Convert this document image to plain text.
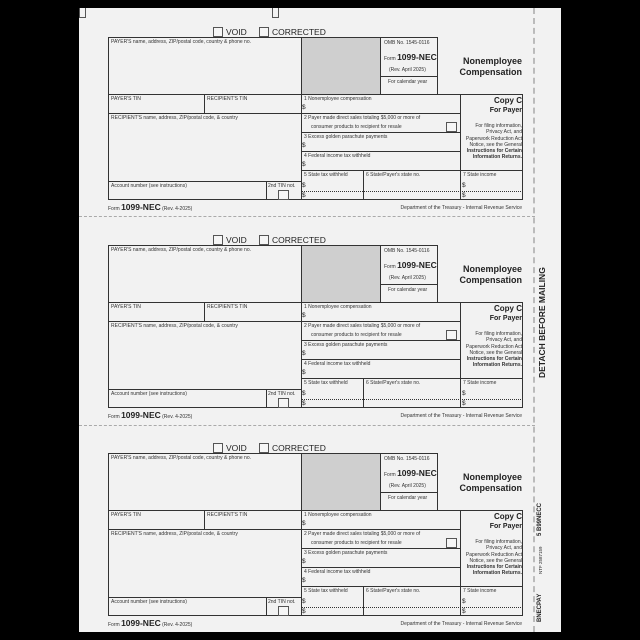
DETACH BEFORE MAILING
5 B99NECC
NTF 2587159
BNECPAY
VOID	CORRECTED
PAYER'S name, address, ZIP/postal code, country & phone no.	OMB No. 1545-0116
Form 1099-NEC
(Rev. April 2025)
For calendar year
Nonemployee
Compensation
PAYER'S TIN	RECIPIENT'S TIN
RECIPIENT'S name, address, ZIP/postal code, & country
Account number (see instructions)	2nd TIN not.
1 Nonemployee compensation
$
2 Payer made direct sales totaling $5,000 or more of
consumer products to recipient for resale
3 Excess golden parachute payments
$
4 Federal income tax withheld
$
5 State tax withheld	6 State/Payer's state no.	7 State income
$
$
$
$
Copy C
For Payer
For filing information,
Privacy Act, and
Paperwork Reduction Act
Notice, see the General
Instructions for Certain
Information Returns.
Form 1099-NEC (Rev. 4-2025)	Department of the Treasury - Internal Revenue Service
VOID	CORRECTED
PAYER'S name, address, ZIP/postal code, country & phone no.	OMB No. 1545-0116
Form 1099-NEC
(Rev. April 2025)
For calendar year
Nonemployee
Compensation
PAYER'S TIN	RECIPIENT'S TIN
RECIPIENT'S name, address, ZIP/postal code, & country
Account number (see instructions)	2nd TIN not.
1 Nonemployee compensation
$
2 Payer made direct sales totaling $5,000 or more of
consumer products to recipient for resale
3 Excess golden parachute payments
$
4 Federal income tax withheld
$
5 State tax withheld	6 State/Payer's state no.	7 State income
$
$
$
$
Copy C
For Payer
For filing information,
Privacy Act, and
Paperwork Reduction Act
Notice, see the General
Instructions for Certain
Information Returns.
Form 1099-NEC (Rev. 4-2025)	Department of the Treasury - Internal Revenue Service
VOID	CORRECTED
PAYER'S name, address, ZIP/postal code, country & phone no.	OMB No. 1545-0116
Form 1099-NEC
(Rev. April 2025)
For calendar year
Nonemployee
Compensation
PAYER'S TIN	RECIPIENT'S TIN
RECIPIENT'S name, address, ZIP/postal code, & country
Account number (see instructions)	2nd TIN not.
1 Nonemployee compensation
$
2 Payer made direct sales totaling $5,000 or more of
consumer products to recipient for resale
3 Excess golden parachute payments
$
4 Federal income tax withheld
$
5 State tax withheld	6 State/Payer's state no.	7 State income
$
$
$
$
Copy C
For Payer
For filing information,
Privacy Act, and
Paperwork Reduction Act
Notice, see the General
Instructions for Certain
Information Returns.
Form 1099-NEC (Rev. 4-2025)	Department of the Treasury - Internal Revenue Service
